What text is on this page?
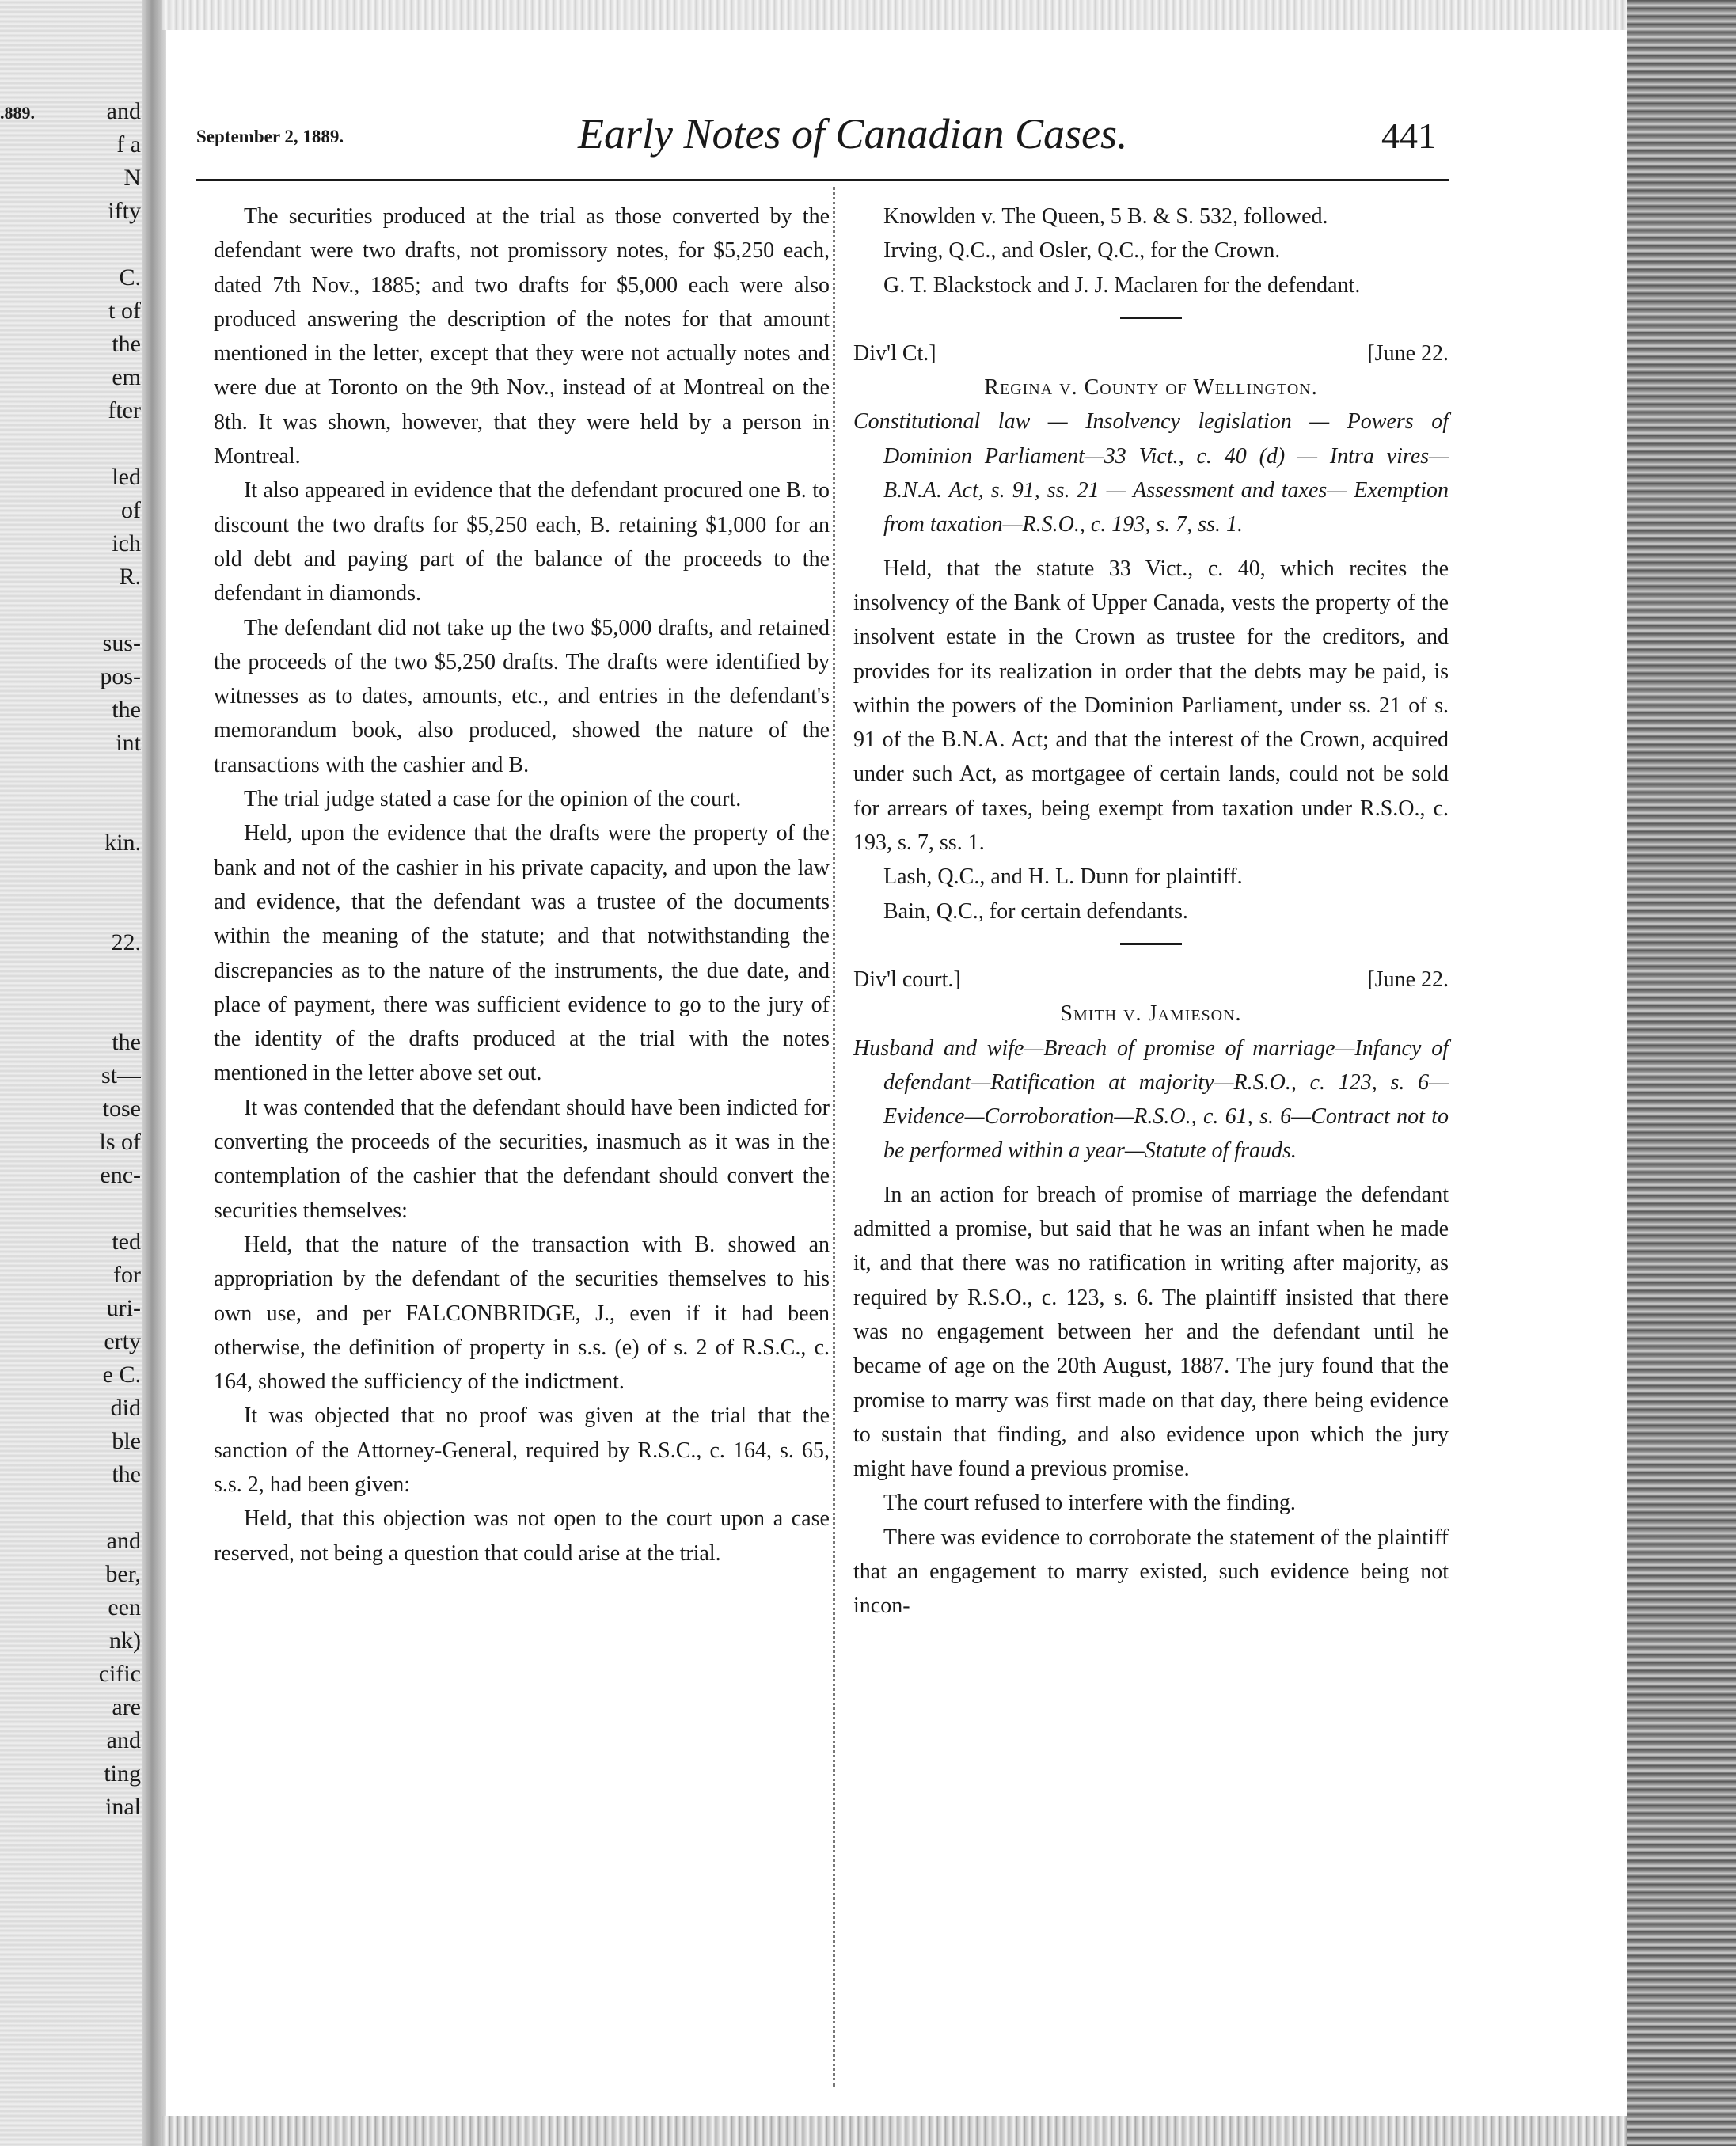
.889.	and
f a
N
ifty
C.
t of
the
em
fter
led
of
ich
R.
sus-
pos-
the
int
kin.
22.
the
st—
tose
ls of
enc-
ted
for
uri-
erty
e C.
did
ble
the
and
ber,
een
nk)
cific
are
and
ting
inal
September 2, 1889.	Early Notes of Canadian Cases.	441

The securities produced at the trial as those converted by the defendant were two drafts, not promissory notes, for $5,250 each, dated 7th Nov., 1885; and two drafts for $5,000 each were also produced answering the description of the notes for that amount mentioned in the letter, except that they were not actually notes and were due at Toronto on the 9th Nov., instead of at Montreal on the 8th. It was shown, however, that they were held by a person in Montreal.

It also appeared in evidence that the defendant procured one B. to discount the two drafts for $5,250 each, B. retaining $1,000 for an old debt and paying part of the balance of the proceeds to the defendant in diamonds.

The defendant did not take up the two $5,000 drafts, and retained the proceeds of the two $5,250 drafts. The drafts were identified by witnesses as to dates, amounts, etc., and entries in the defendant's memorandum book, also produced, showed the nature of the transactions with the cashier and B.

The trial judge stated a case for the opinion of the court.

Held, upon the evidence that the drafts were the property of the bank and not of the cashier in his private capacity, and upon the law and evidence, that the defendant was a trustee of the documents within the meaning of the statute; and that notwithstanding the discrepancies as to the nature of the instruments, the due date, and place of payment, there was sufficient evidence to go to the jury of the identity of the drafts produced at the trial with the notes mentioned in the letter above set out.

It was contended that the defendant should have been indicted for converting the proceeds of the securities, inasmuch as it was in the contemplation of the cashier that the defendant should convert the securities themselves:

Held, that the nature of the transaction with B. showed an appropriation by the defendant of the securities themselves to his own use, and per FALCONBRIDGE, J., even if it had been otherwise, the definition of property in s.s. (e) of s. 2 of R.S.C., c. 164, showed the sufficiency of the indictment.

It was objected that no proof was given at the trial that the sanction of the Attorney-General, required by R.S.C., c. 164, s. 65, s.s. 2, had been given:

Held, that this objection was not open to the court upon a case reserved, not being a question that could arise at the trial.

Knowlden v. The Queen, 5 B. & S. 532, followed.

Irving, Q.C., and Osler, Q.C., for the Crown.

G. T. Blackstock and J. J. Maclaren for the defendant.

Div'l Ct.]	[June 22.
Regina v. County of Wellington.

Constitutional law — Insolvency legislation — Powers of Dominion Parliament—33 Vict., c. 40 (d) — Intra vires—B.N.A. Act, s. 91, ss. 21 — Assessment and taxes— Exemption from taxation—R.S.O., c. 193, s. 7, ss. 1.

Held, that the statute 33 Vict., c. 40, which recites the insolvency of the Bank of Upper Canada, vests the property of the insolvent estate in the Crown as trustee for the creditors, and provides for its realization in order that the debts may be paid, is within the powers of the Dominion Parliament, under ss. 21 of s. 91 of the B.N.A. Act; and that the interest of the Crown, acquired under such Act, as mortgagee of certain lands, could not be sold for arrears of taxes, being exempt from taxation under R.S.O., c. 193, s. 7, ss. 1.

Lash, Q.C., and H. L. Dunn for plaintiff.

Bain, Q.C., for certain defendants.

Div'l court.]	[June 22.
Smith v. Jamieson.

Husband and wife—Breach of promise of marriage—Infancy of defendant—Ratification at majority—R.S.O., c. 123, s. 6—Evidence—Corroboration—R.S.O., c. 61, s. 6—Contract not to be performed within a year—Statute of frauds.

In an action for breach of promise of marriage the defendant admitted a promise, but said that he was an infant when he made it, and that there was no ratification in writing after majority, as required by R.S.O., c. 123, s. 6. The plaintiff insisted that there was no engagement between her and the defendant until he became of age on the 20th August, 1887. The jury found that the promise to marry was first made on that day, there being evidence to sustain that finding, and also evidence upon which the jury might have found a previous promise.

The court refused to interfere with the finding.

There was evidence to corroborate the statement of the plaintiff that an engagement to marry existed, such evidence being not incon-
